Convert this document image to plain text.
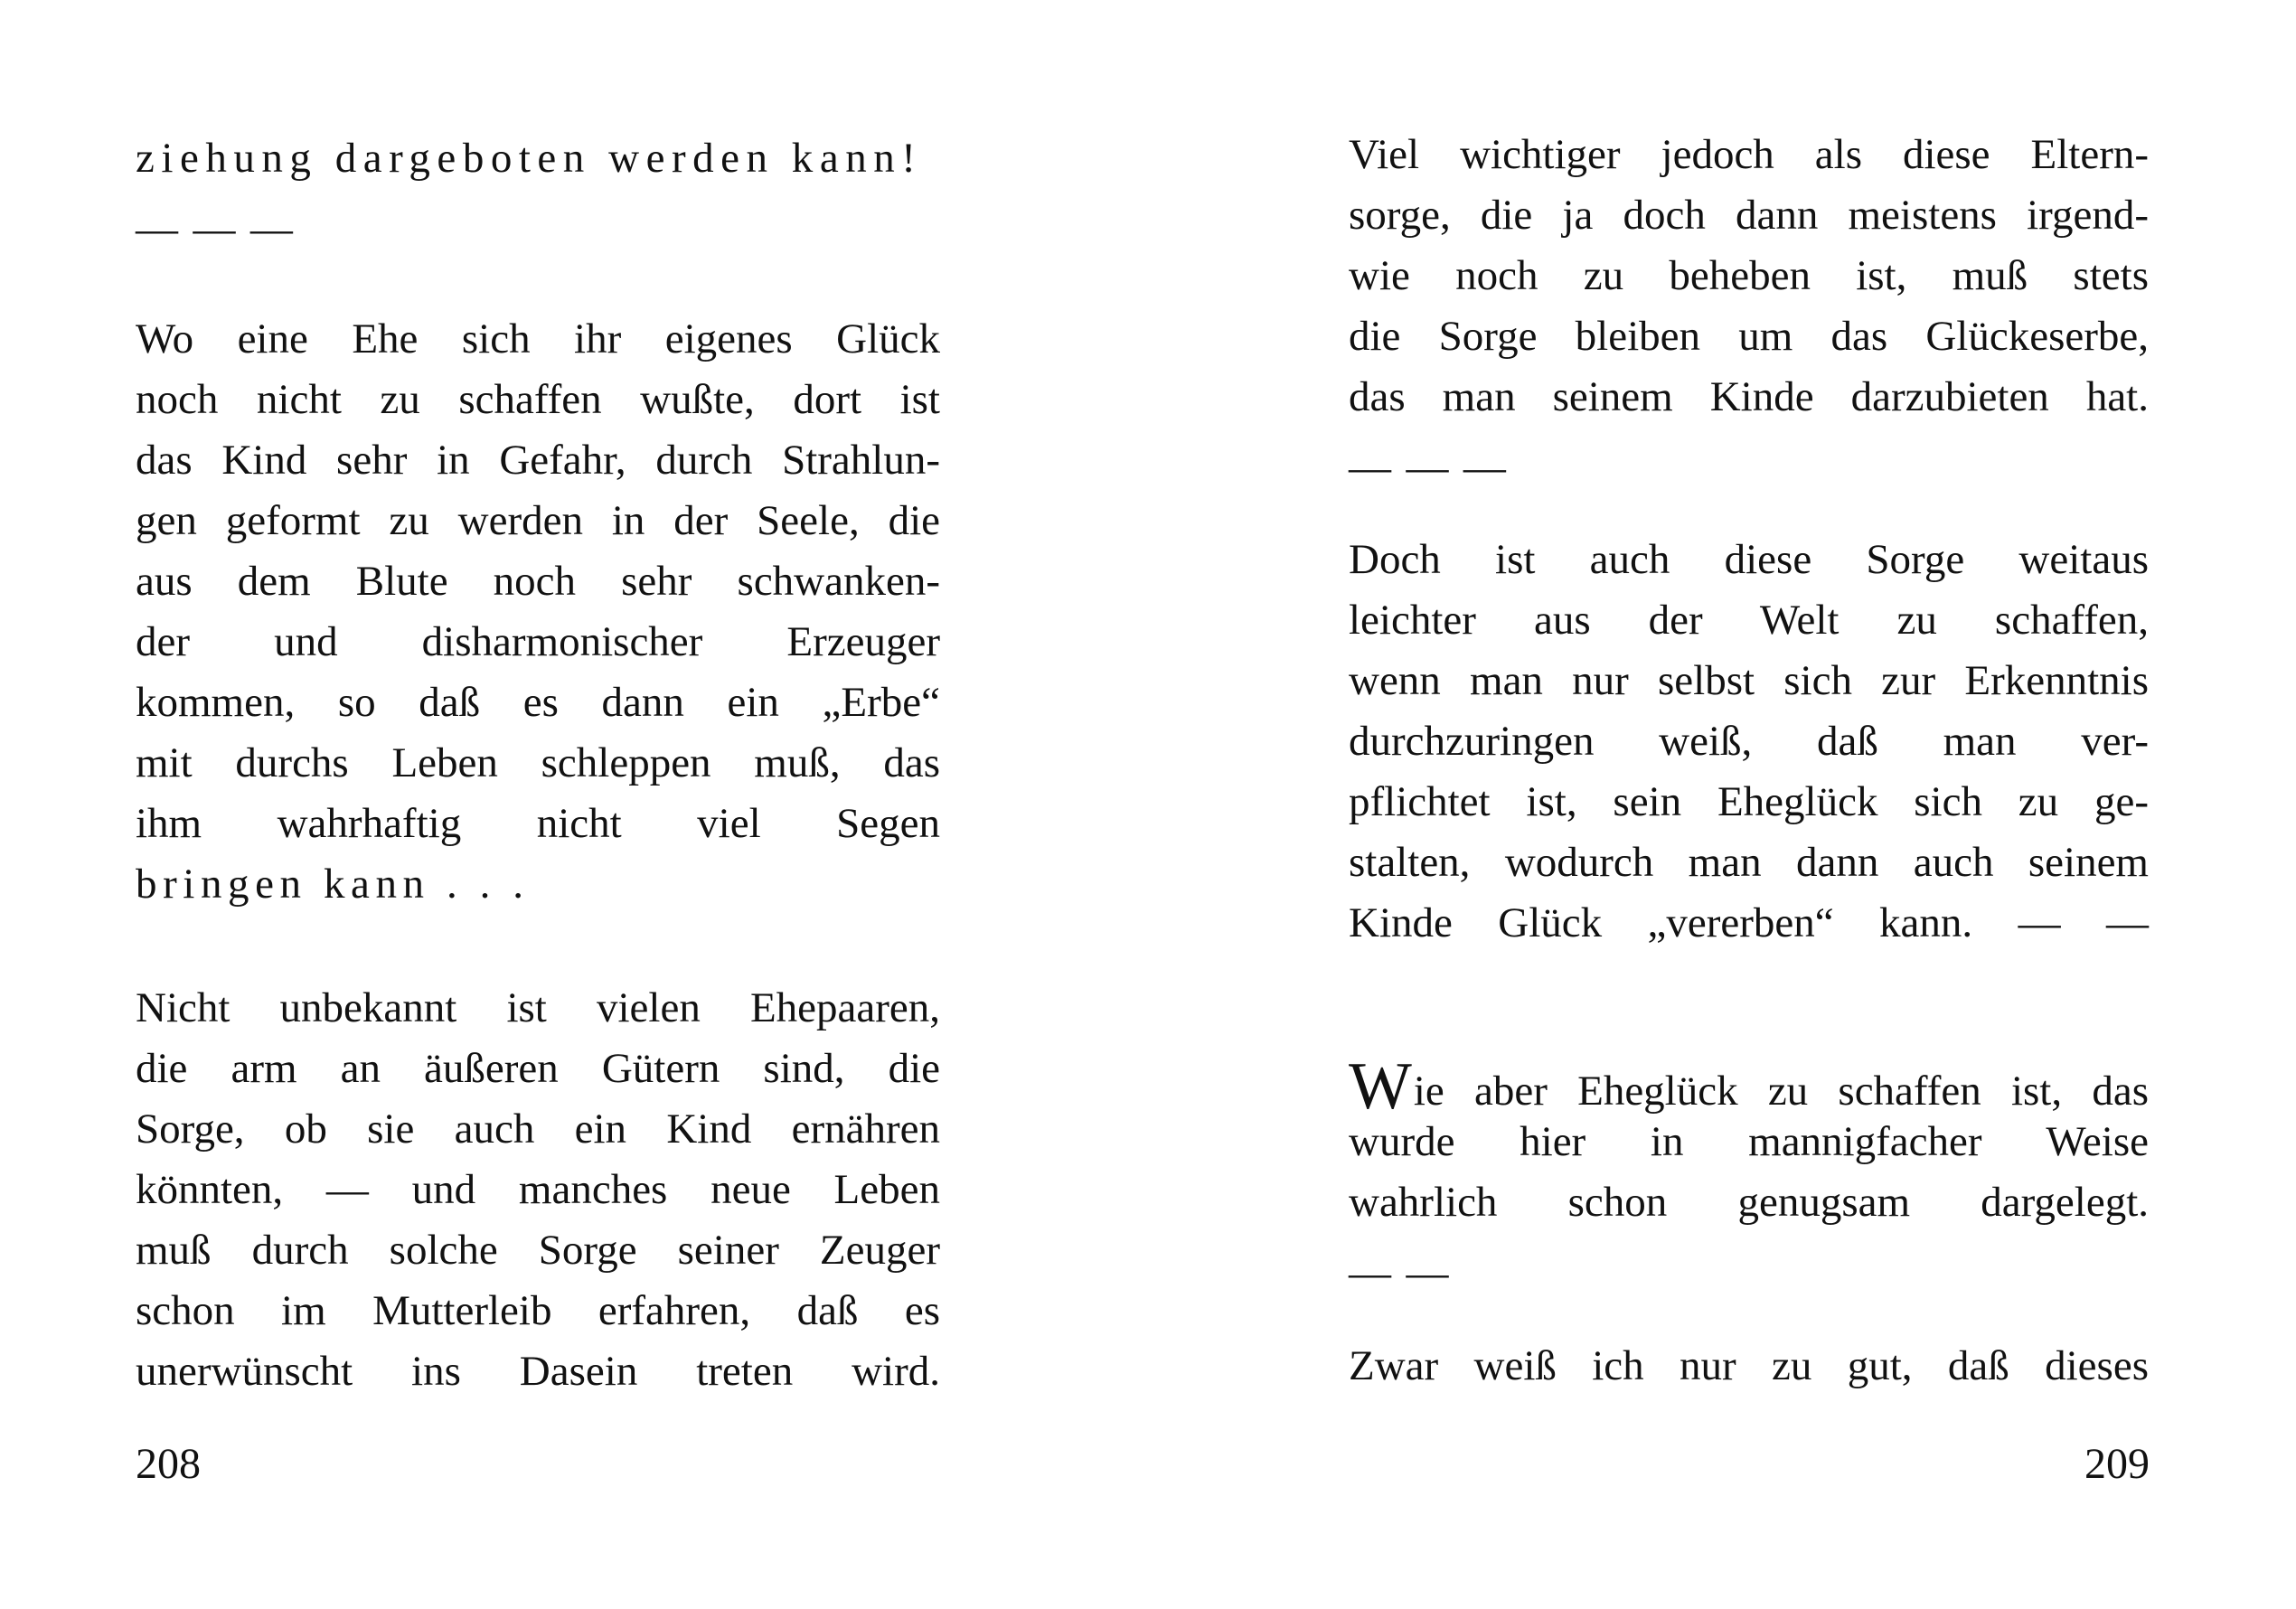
ziehung dargeboten werden kann!
— — —
Wo eine Ehe sich ihr eigenes Glück
noch nicht zu schaffen wußte, dort ist
das Kind sehr in Gefahr, durch Strahlun-
gen geformt zu werden in der Seele, die
aus dem Blute noch sehr schwanken-
der und disharmonischer Erzeuger
kommen, so daß es dann ein „Erbe“
mit durchs Leben schleppen muß, das
ihm wahrhaftig nicht viel Segen
bringen kann . . .
Nicht unbekannt ist vielen Ehepaaren,
die arm an äußeren Gütern sind, die
Sorge, ob sie auch ein Kind ernähren
könnten, — und manches neue Leben
muß durch solche Sorge seiner Zeuger
schon im Mutterleib erfahren, daß es
unerwünscht ins Dasein treten wird.
208
Viel wichtiger jedoch als diese Eltern-
sorge, die ja doch dann meistens irgend-
wie noch zu beheben ist, muß stets
die Sorge bleiben um das Glückeserbe,
das man seinem Kinde darzubieten hat.
— — —
Doch ist auch diese Sorge weitaus
leichter aus der Welt zu schaffen,
wenn man nur selbst sich zur Erkenntnis
durchzuringen weiß, daß man ver-
pflichtet ist, sein Eheglück sich zu ge-
stalten, wodurch man dann auch seinem
Kinde Glück „vererben“ kann. — —
Wie aber Eheglück zu schaffen ist, das
wurde hier in mannigfacher Weise
wahrlich schon genugsam dargelegt.
— —
Zwar weiß ich nur zu gut, daß dieses
209
